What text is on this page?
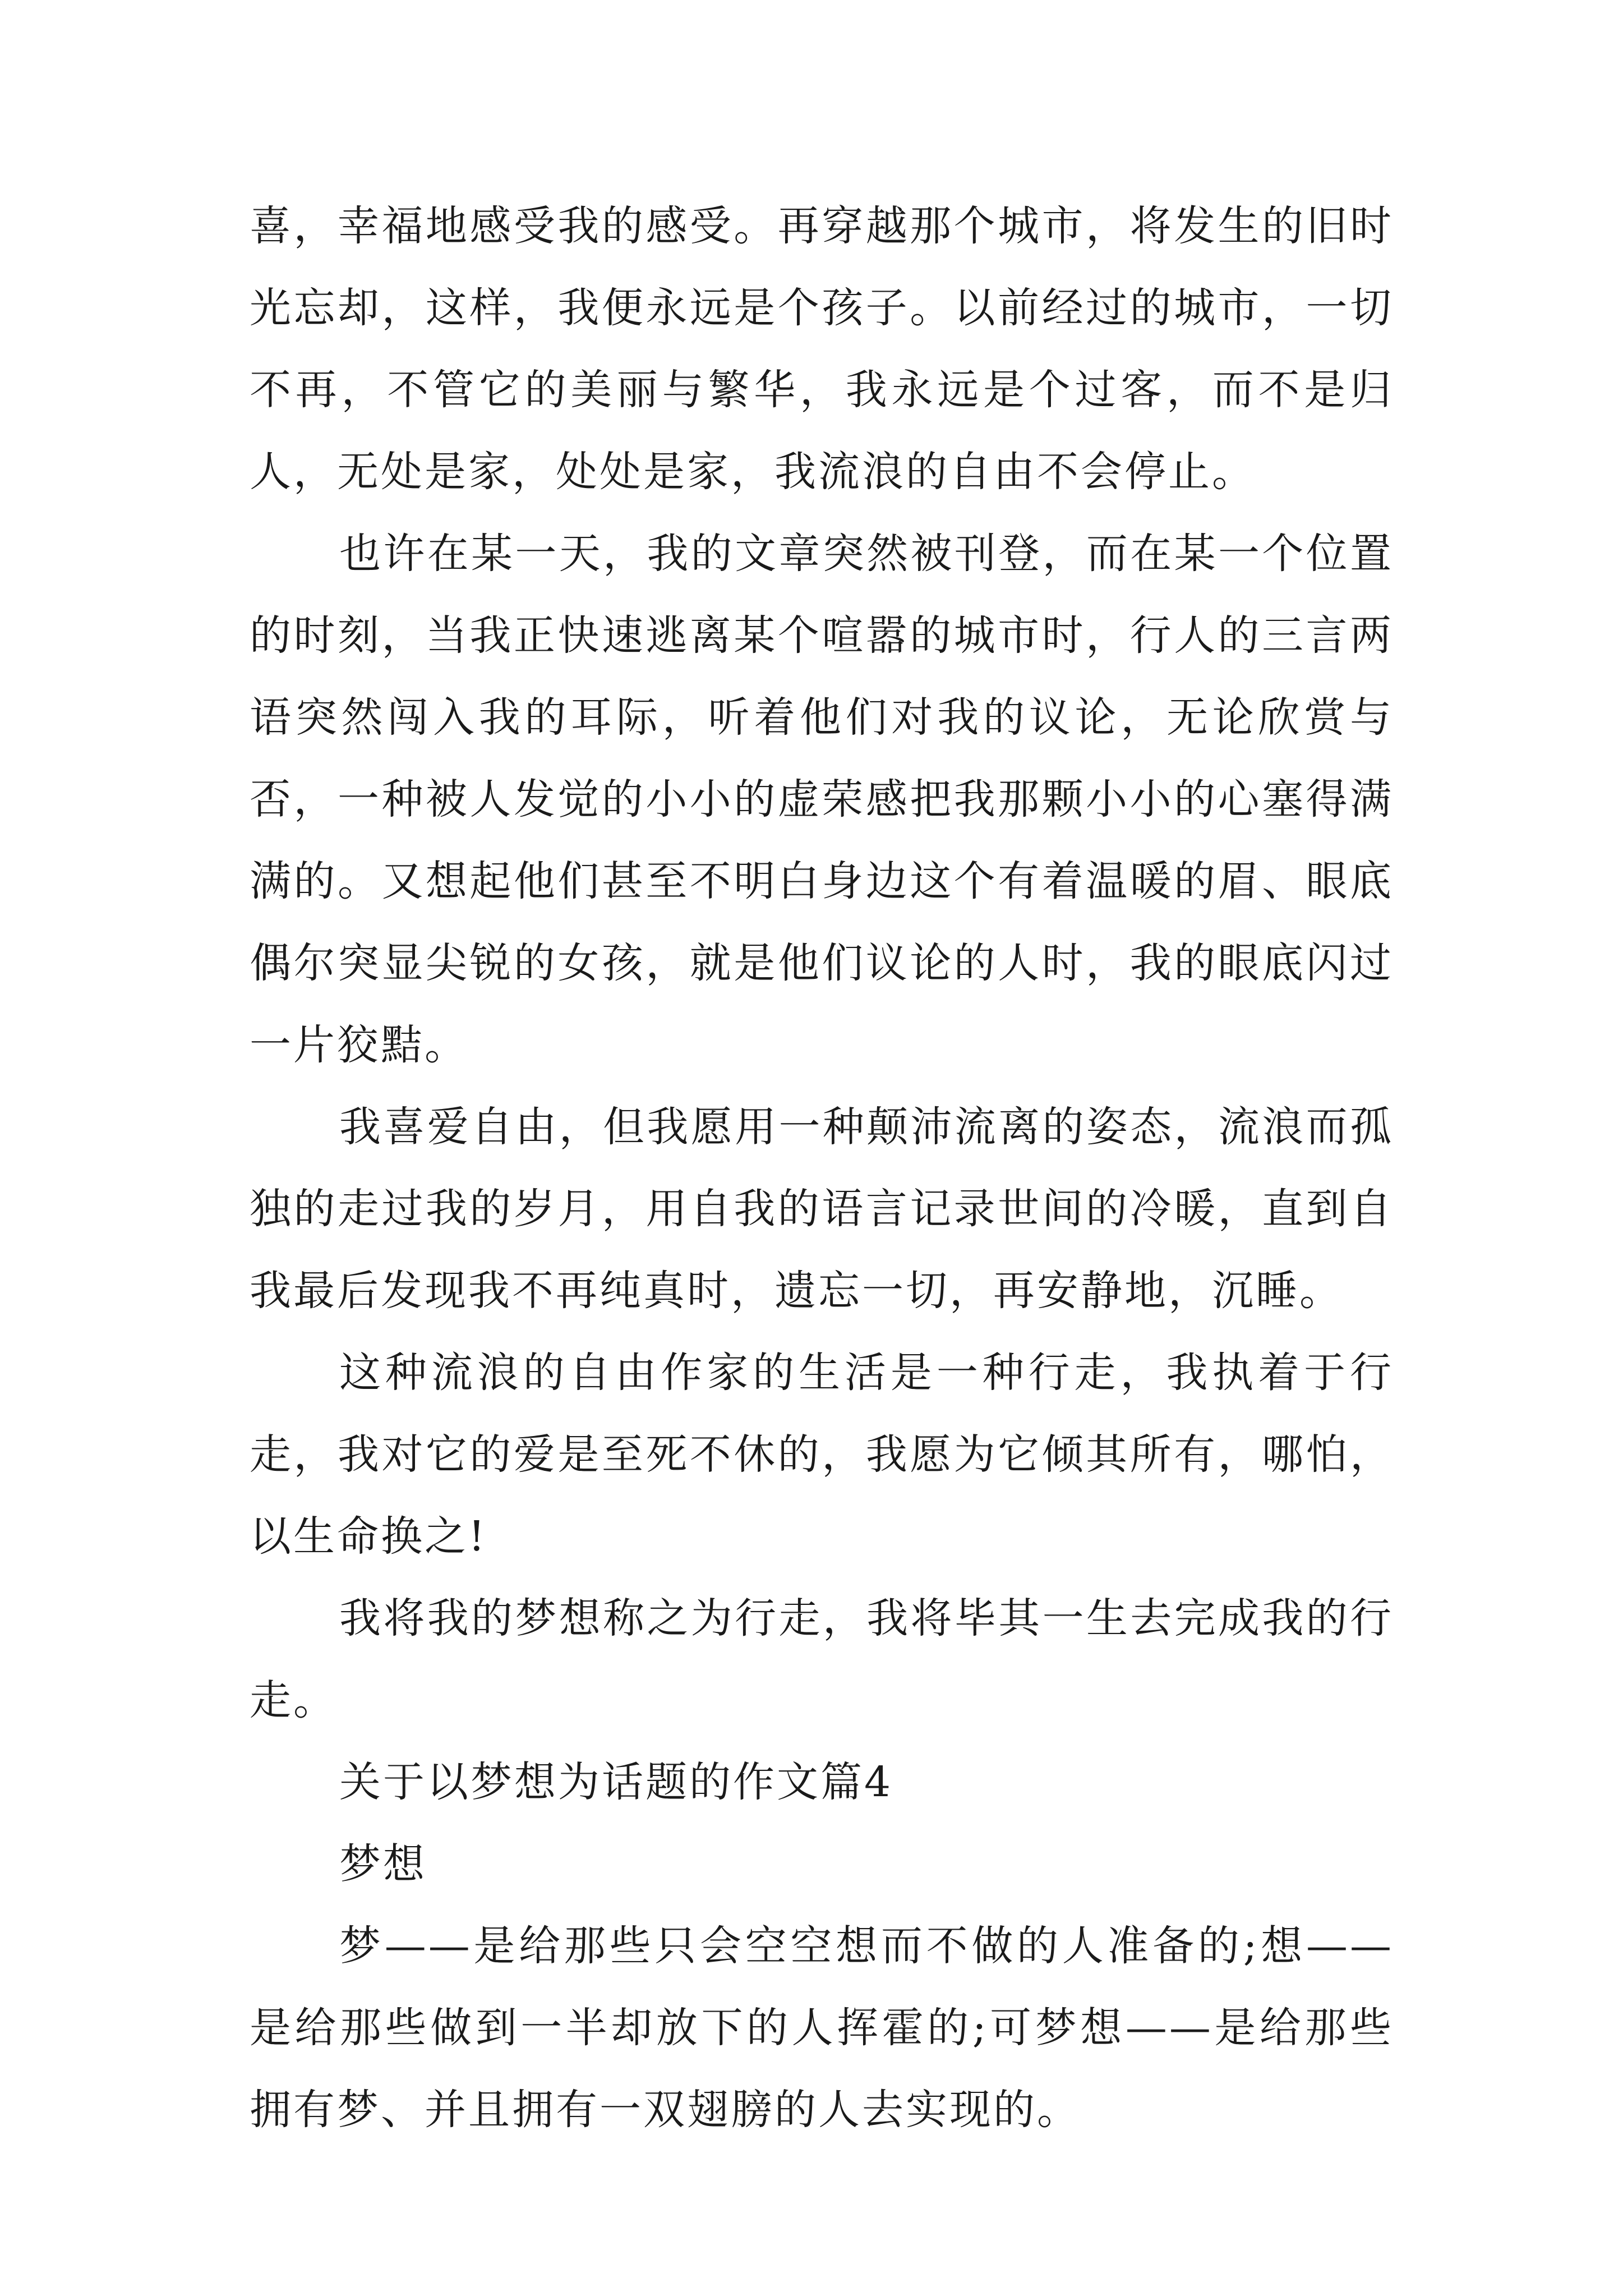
喜，幸福地感受我的感受。再穿越那个城市，将发生的旧时光忘却，这样，我便永远是个孩子。以前经过的城市，一切不再，不管它的美丽与繁华，我永远是个过客，而不是归人，无处是家，处处是家，我流浪的自由不会停止。

也许在某一天，我的文章突然被刊登，而在某一个位置的时刻，当我正快速逃离某个喧嚣的城市时，行人的三言两语突然闯入我的耳际，听着他们对我的议论，无论欣赏与否，一种被人发觉的小小的虚荣感把我那颗小小的心塞得满满的。又想起他们甚至不明白身边这个有着温暖的眉、眼底偶尔突显尖锐的女孩，就是他们议论的人时，我的眼底闪过一片狡黠。

我喜爱自由，但我愿用一种颠沛流离的姿态，流浪而孤独的走过我的岁月，用自我的语言记录世间的冷暖，直到自我最后发现我不再纯真时，遗忘一切，再安静地，沉睡。

这种流浪的自由作家的生活是一种行走，我执着于行走，我对它的爱是至死不休的，我愿为它倾其所有，哪怕，以生命换之!

我将我的梦想称之为行走，我将毕其一生去完成我的行走。

关于以梦想为话题的作文篇4

梦想

梦——是给那些只会空空想而不做的人准备的;想——是给那些做到一半却放下的人挥霍的;可梦想——是给那些拥有梦、并且拥有一双翅膀的人去实现的。
